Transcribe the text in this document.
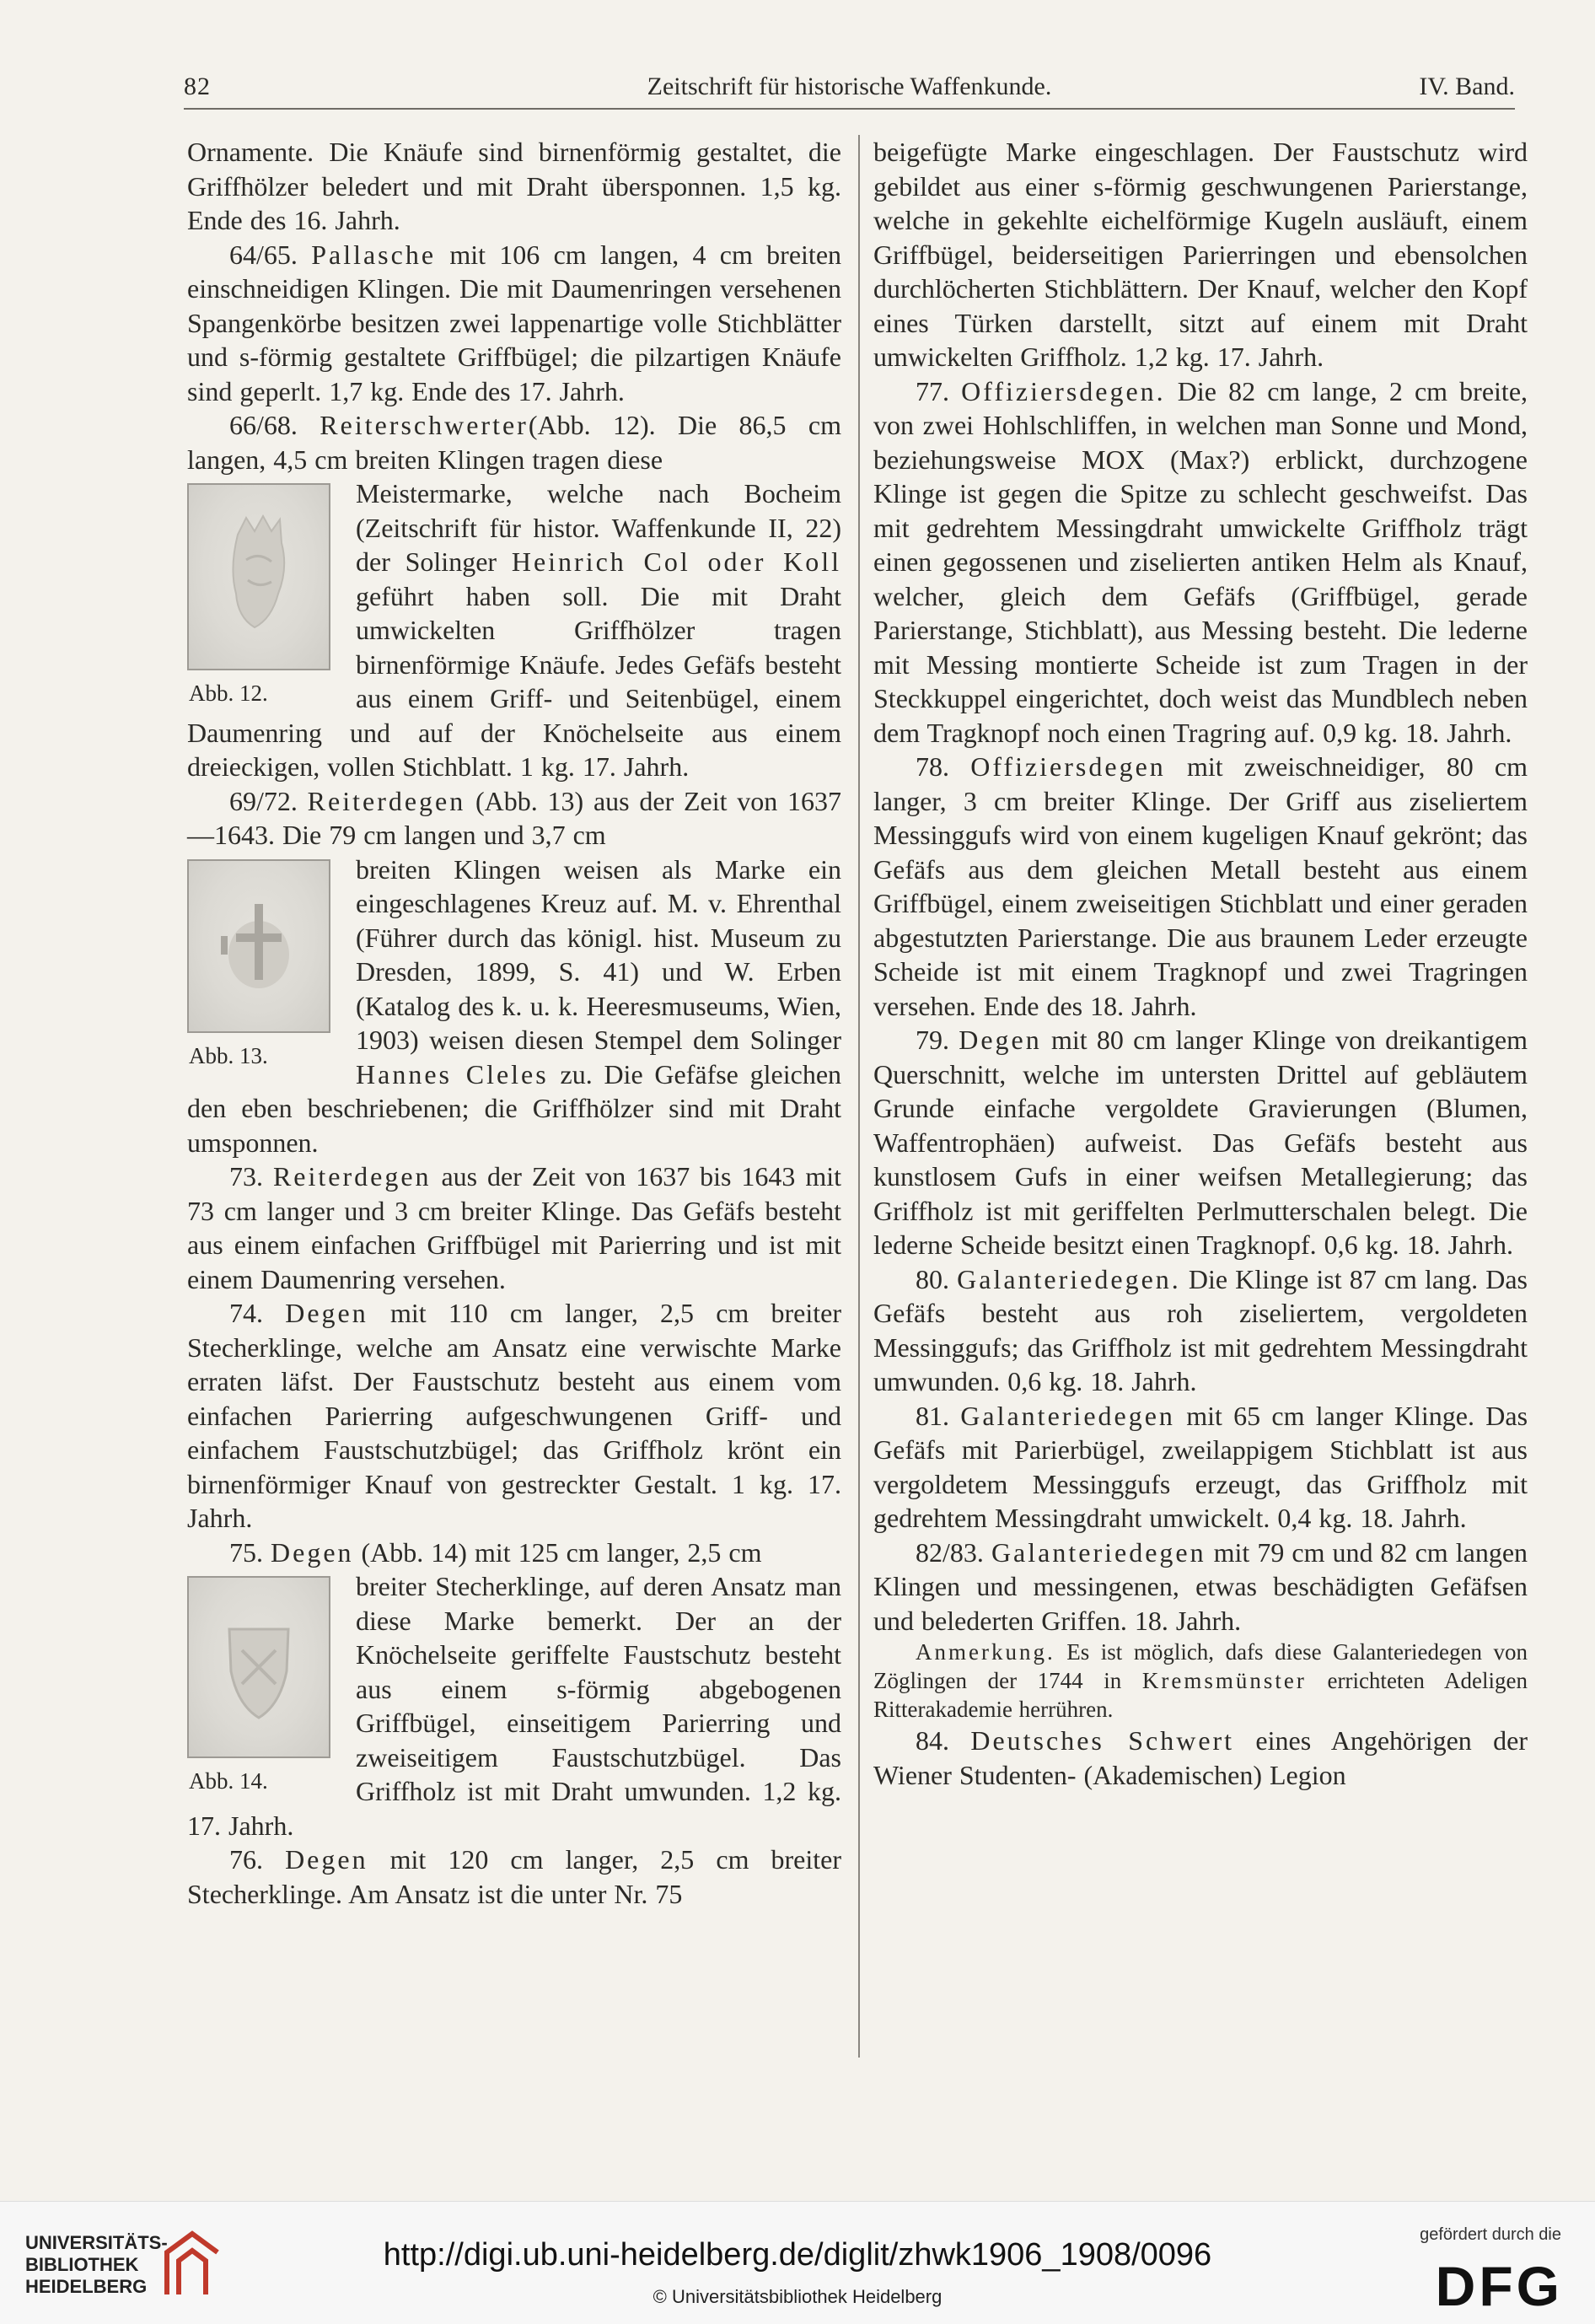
82	Zeitschrift für historische Waffenkunde.	IV. Band.

Ornamente. Die Knäufe sind birnenförmig gestaltet, die Griffhölzer beledert und mit Draht übersponnen. 1,5 kg. Ende des 16. Jahrh.

64/65. Pallasche mit 106 cm langen, 4 cm breiten einschneidigen Klingen. Die mit Daumenringen versehenen Spangenkörbe besitzen zwei lappenartige volle Stichblätter und s-förmig gestaltete Griffbügel; die pilzartigen Knäufe sind geperlt. 1,7 kg. Ende des 17. Jahrh.

66/68. Reiterschwerter(Abb. 12). Die 86,5 cm langen, 4,5 cm breiten Klingen tragen diese

Abb. 12.

Meistermarke, welche nach Bocheim (Zeitschrift für histor. Waffenkunde II, 22) der Solinger Heinrich Col oder Koll geführt haben soll. Die mit Draht umwickelten Griffhölzer tragen birnenförmige Knäufe. Jedes Gefäfs besteht aus einem Griff- und Seitenbügel, einem Daumenring und auf der Knöchelseite aus einem dreieckigen, vollen Stichblatt. 1 kg. 17. Jahrh.

69/72. Reiterdegen (Abb. 13) aus der Zeit von 1637—1643. Die 79 cm langen und 3,7 cm

Abb. 13.

breiten Klingen weisen als Marke ein eingeschlagenes Kreuz auf. M. v. Ehrenthal (Führer durch das königl. hist. Museum zu Dresden, 1899, S. 41) und W. Erben (Katalog des k. u. k. Heeresmuseums, Wien, 1903) weisen diesen Stempel dem Solinger Hannes Cleles zu. Die Gefäfse gleichen den eben beschriebenen; die Griffhölzer sind mit Draht umsponnen.

73. Reiterdegen aus der Zeit von 1637 bis 1643 mit 73 cm langer und 3 cm breiter Klinge. Das Gefäfs besteht aus einem einfachen Griffbügel mit Parierring und ist mit einem Daumenring versehen.

74. Degen mit 110 cm langer, 2,5 cm breiter Stecherklinge, welche am Ansatz eine verwischte Marke erraten läfst. Der Faustschutz besteht aus einem vom einfachen Parierring aufgeschwungenen Griff- und einfachem Faustschutzbügel; das Griffholz krönt ein birnenförmiger Knauf von gestreckter Gestalt. 1 kg. 17. Jahrh.

75. Degen (Abb. 14) mit 125 cm langer, 2,5 cm

Abb. 14.

breiter Stecherklinge, auf deren Ansatz man diese Marke bemerkt. Der an der Knöchelseite geriffelte Faustschutz besteht aus einem s-förmig abgebogenen Griffbügel, einseitigem Parierring und zweiseitigem Faustschutzbügel. Das Griffholz ist mit Draht umwunden. 1,2 kg. 17. Jahrh.

76. Degen mit 120 cm langer, 2,5 cm breiter Stecherklinge. Am Ansatz ist die unter Nr. 75

beigefügte Marke eingeschlagen. Der Faustschutz wird gebildet aus einer s-förmig geschwungenen Parierstange, welche in gekehlte eichelförmige Kugeln ausläuft, einem Griffbügel, beiderseitigen Parierringen und ebensolchen durchlöcherten Stichblättern. Der Knauf, welcher den Kopf eines Türken darstellt, sitzt auf einem mit Draht umwickelten Griffholz. 1,2 kg. 17. Jahrh.

77. Offiziersdegen. Die 82 cm lange, 2 cm breite, von zwei Hohlschliffen, in welchen man Sonne und Mond, beziehungsweise MOX (Max?) erblickt, durchzogene Klinge ist gegen die Spitze zu schlecht geschweifst. Das mit gedrehtem Messingdraht umwickelte Griffholz trägt einen gegossenen und ziselierten antiken Helm als Knauf, welcher, gleich dem Gefäfs (Griffbügel, gerade Parierstange, Stichblatt), aus Messing besteht. Die lederne mit Messing montierte Scheide ist zum Tragen in der Steckkuppel eingerichtet, doch weist das Mundblech neben dem Tragknopf noch einen Tragring auf. 0,9 kg. 18. Jahrh.

78. Offiziersdegen mit zweischneidiger, 80 cm langer, 3 cm breiter Klinge. Der Griff aus ziseliertem Messinggufs wird von einem kugeligen Knauf gekrönt; das Gefäfs aus dem gleichen Metall besteht aus einem Griffbügel, einem zweiseitigen Stichblatt und einer geraden abgestutzten Parierstange. Die aus braunem Leder erzeugte Scheide ist mit einem Tragknopf und zwei Tragringen versehen. Ende des 18. Jahrh.

79. Degen mit 80 cm langer Klinge von dreikantigem Querschnitt, welche im untersten Drittel auf gebläutem Grunde einfache vergoldete Gravierungen (Blumen, Waffentrophäen) aufweist. Das Gefäfs besteht aus kunstlosem Gufs in einer weifsen Metallegierung; das Griffholz ist mit geriffelten Perlmutterschalen belegt. Die lederne Scheide besitzt einen Tragknopf. 0,6 kg. 18. Jahrh.

80. Galanteriedegen. Die Klinge ist 87 cm lang. Das Gefäfs besteht aus roh ziseliertem, vergoldeten Messinggufs; das Griffholz ist mit gedrehtem Messingdraht umwunden. 0,6 kg. 18. Jahrh.

81. Galanteriedegen mit 65 cm langer Klinge. Das Gefäfs mit Parierbügel, zweilappigem Stichblatt ist aus vergoldetem Messinggufs erzeugt, das Griffholz mit gedrehtem Messingdraht umwickelt. 0,4 kg. 18. Jahrh.

82/83. Galanteriedegen mit 79 cm und 82 cm langen Klingen und messingenen, etwas beschädigten Gefäfsen und belederten Griffen. 18. Jahrh.

Anmerkung. Es ist möglich, dafs diese Galanteriedegen von Zöglingen der 1744 in Kremsmünster errichteten Adeligen Ritterakademie herrühren.

84. Deutsches Schwert eines Angehörigen der Wiener Studenten- (Akademischen) Legion

UNIVERSITÄTS-
BIBLIOTHEK
HEIDELBERG
http://digi.ub.uni-heidelberg.de/diglit/zhwk1906_1908/0096
© Universitätsbibliothek Heidelberg
gefördert durch die
DFG
